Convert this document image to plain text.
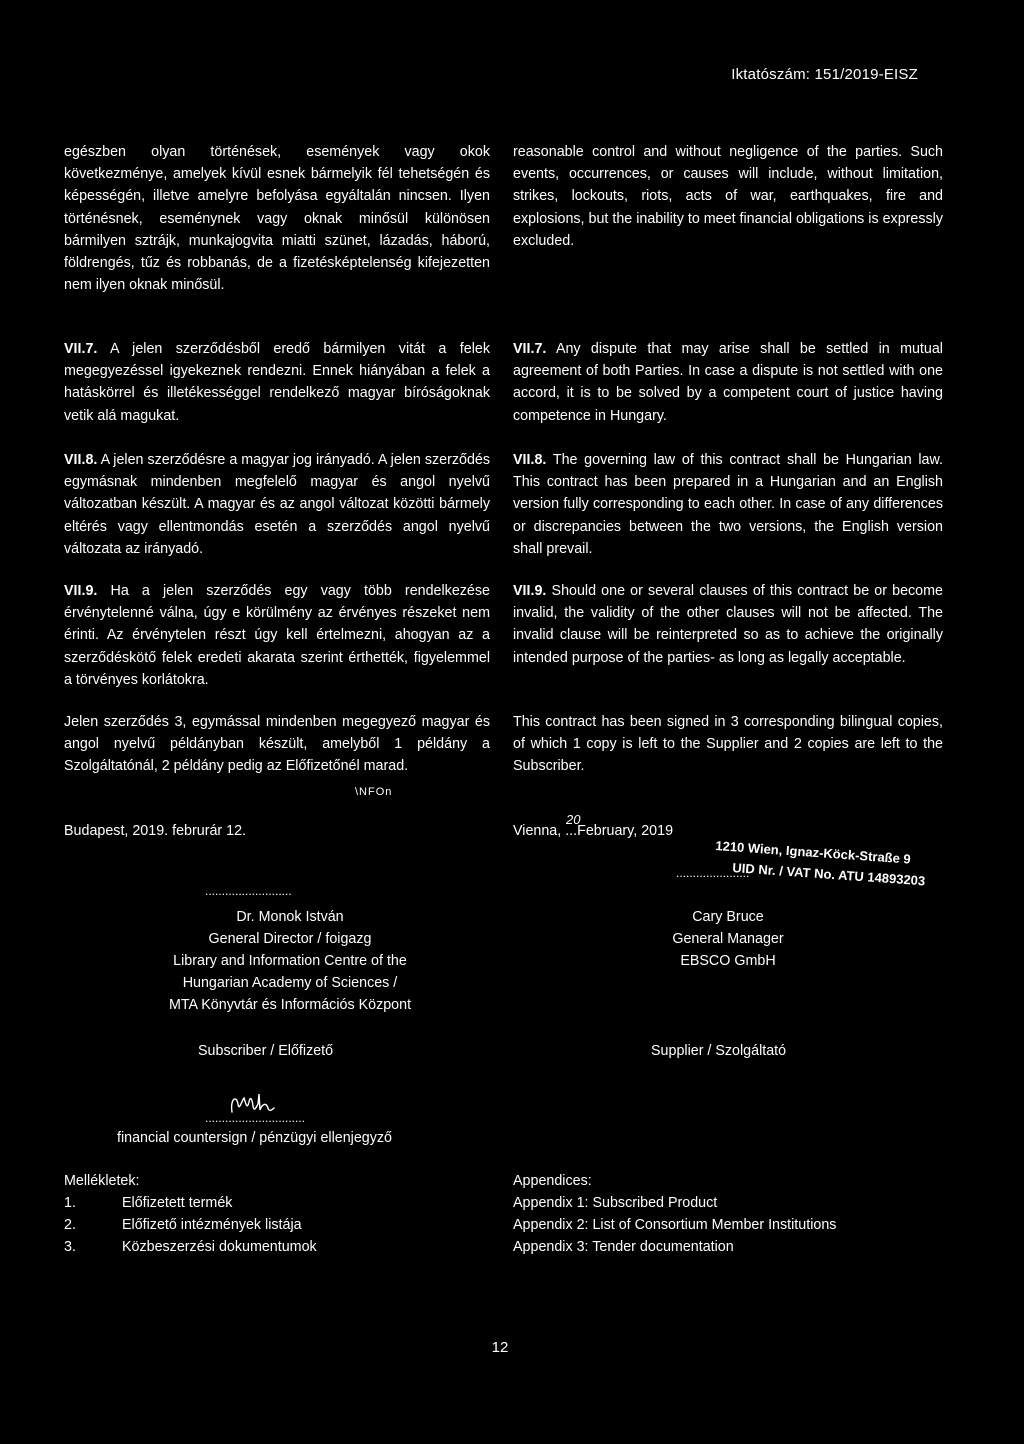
Iktatószám: 151/2019-EISZ

egészben olyan történések, események vagy okok következménye, amelyek kívül esnek bármelyik fél tehetségén és képességén, illetve amelyre befolyása egyáltalán nincsen. Ilyen történésnek, eseménynek vagy oknak minősül különösen bármilyen sztrájk, munkajogvita miatti szünet, lázadás, háború, földrengés, tűz és robbanás, de a fizetésképtelenség kifejezetten nem ilyen oknak minősül.

VII.7. A jelen szerződésből eredő bármilyen vitát a felek megegyezéssel igyekeznek rendezni. Ennek hiányában a felek a hatáskörrel és illetékességgel rendelkező magyar bíróságoknak vetik alá magukat.

VII.8. A jelen szerződésre a magyar jog irányadó. A jelen szerződés egymásnak mindenben megfelelő magyar és angol nyelvű változatban készült. A magyar és az angol változat közötti bármely eltérés vagy ellentmondás esetén a szerződés angol nyelvű változata az irányadó.

VII.9. Ha a jelen szerződés egy vagy több rendelkezése érvénytelenné válna, úgy e körülmény az érvényes részeket nem érinti. Az érvénytelen részt úgy kell értelmezni, ahogyan az a szerződéskötő felek eredeti akarata szerint érthették, figyelemmel a törvényes korlátokra.

Jelen szerződés 3, egymással mindenben megegyező magyar és angol nyelvű példányban készült, amelyből 1 példány a Szolgáltatónál, 2 példány pedig az Előfizetőnél marad.

\NFOn
Budapest, 2019. februrár 12.
..........................
Dr. Monok István
General Director / foigazg
Library and Information Centre of the
Hungarian Academy of Sciences /
MTA Könyvtár és Információs Központ
Subscriber / Előfizető
..............................
financial countersign / pénzügyi ellenjegyző
Mellékletek:
1.	Előfizetett termék
2.	Előfizető intézmények listája
3.	Közbeszerzési dokumentumok

reasonable control and without negligence of the parties. Such events, occurrences, or causes will include, without limitation, strikes, lockouts, riots, acts of war, earthquakes, fire and explosions, but the inability to meet financial obligations is expressly excluded.

VII.7. Any dispute that may arise shall be settled in mutual agreement of both Parties. In case a dispute is not settled with one accord, it is to be solved by a competent court of justice having competence in Hungary.

VII.8. The governing law of this contract shall be Hungarian law. This contract has been prepared in a Hungarian and an English version fully corresponding to each other. In case of any differences or discrepancies between the two versions, the English version shall prevail.

VII.9. Should one or several clauses of this contract be or become invalid, the validity of the other clauses will not be affected. The invalid clause will be reinterpreted so as to achieve the originally intended purpose of the parties- as long as legally acceptable.

This contract has been signed in 3 corresponding bilingual copies, of which 1 copy is left to the Supplier and 2 copies are left to the Subscriber.

Vienna, ...February, 2019
20
1210 Wien, Ignaz-Köck-Straße 9
......................
UID Nr. / VAT No. ATU 14893203
Cary Bruce
General Manager
EBSCO GmbH
Supplier / Szolgáltató
Appendices:
Appendix 1: Subscribed Product
Appendix 2: List of Consortium Member Institutions
Appendix 3: Tender documentation
12
